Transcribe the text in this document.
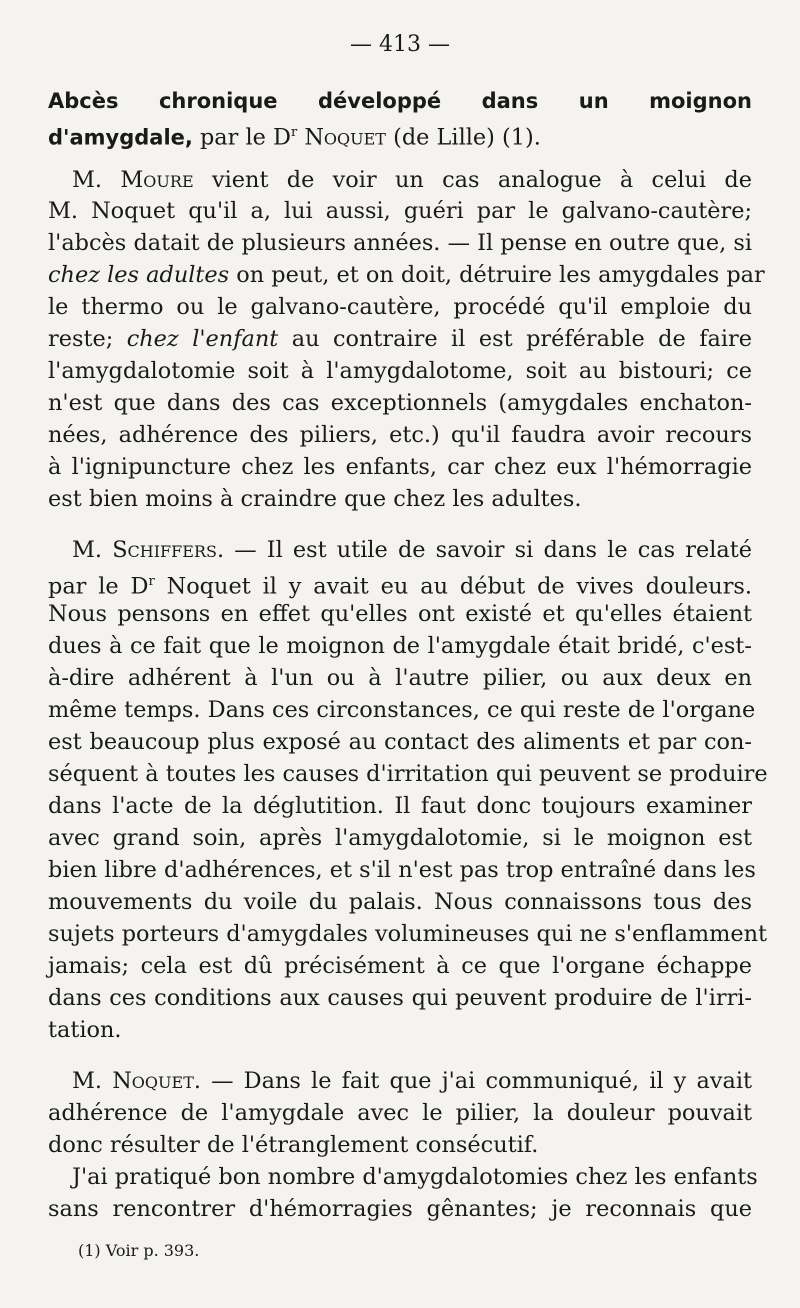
— 413 —
Abcès chronique développé dans un moignon
d'amygdale, par le $D^r$ Noquet (de Lille) (1).
M. Moure vient de voir un cas analogue à celui de
M. Noquet qu'il a, lui aussi, guéri par le galvano-cautère;
l'abcès datait de plusieurs années. — Il pense en outre que, si
chez les adultes on peut, et on doit, détruire les amygdales par
le thermo ou le galvano-cautère, procédé qu'il emploie du
reste; chez l'enfant au contraire il est préférable de faire
l'amygdalotomie soit à l'amygdalotome, soit au bistouri; ce
n'est que dans des cas exceptionnels (amygdales enchaton-
nées, adhérence des piliers, etc.) qu'il faudra avoir recours
à l'ignipuncture chez les enfants, car chez eux l'hémorragie
est bien moins à craindre que chez les adultes.
M. Schiffers. — Il est utile de savoir si dans le cas relaté
par le $D^r$ Noquet il y avait eu au début de vives douleurs.
Nous pensons en effet qu'elles ont existé et qu'elles étaient
dues à ce fait que le moignon de l'amygdale était bridé, c'est-
à-dire adhérent à l'un ou à l'autre pilier, ou aux deux en
même temps. Dans ces circonstances, ce qui reste de l'organe
est beaucoup plus exposé au contact des aliments et par con-
séquent à toutes les causes d'irritation qui peuvent se produire
dans l'acte de la déglutition. Il faut donc toujours examiner
avec grand soin, après l'amygdalotomie, si le moignon est
bien libre d'adhérences, et s'il n'est pas trop entraîné dans les
mouvements du voile du palais. Nous connaissons tous des
sujets porteurs d'amygdales volumineuses qui ne s'enflamment
jamais; cela est dû précisément à ce que l'organe échappe
dans ces conditions aux causes qui peuvent produire de l'irri-
tation.
M. Noquet. — Dans le fait que j'ai communiqué, il y avait
adhérence de l'amygdale avec le pilier, la douleur pouvait
donc résulter de l'étranglement consécutif.
J'ai pratiqué bon nombre d'amygdalotomies chez les enfants
sans rencontrer d'hémorragies gênantes; je reconnais que
(1) Voir p. 393.
